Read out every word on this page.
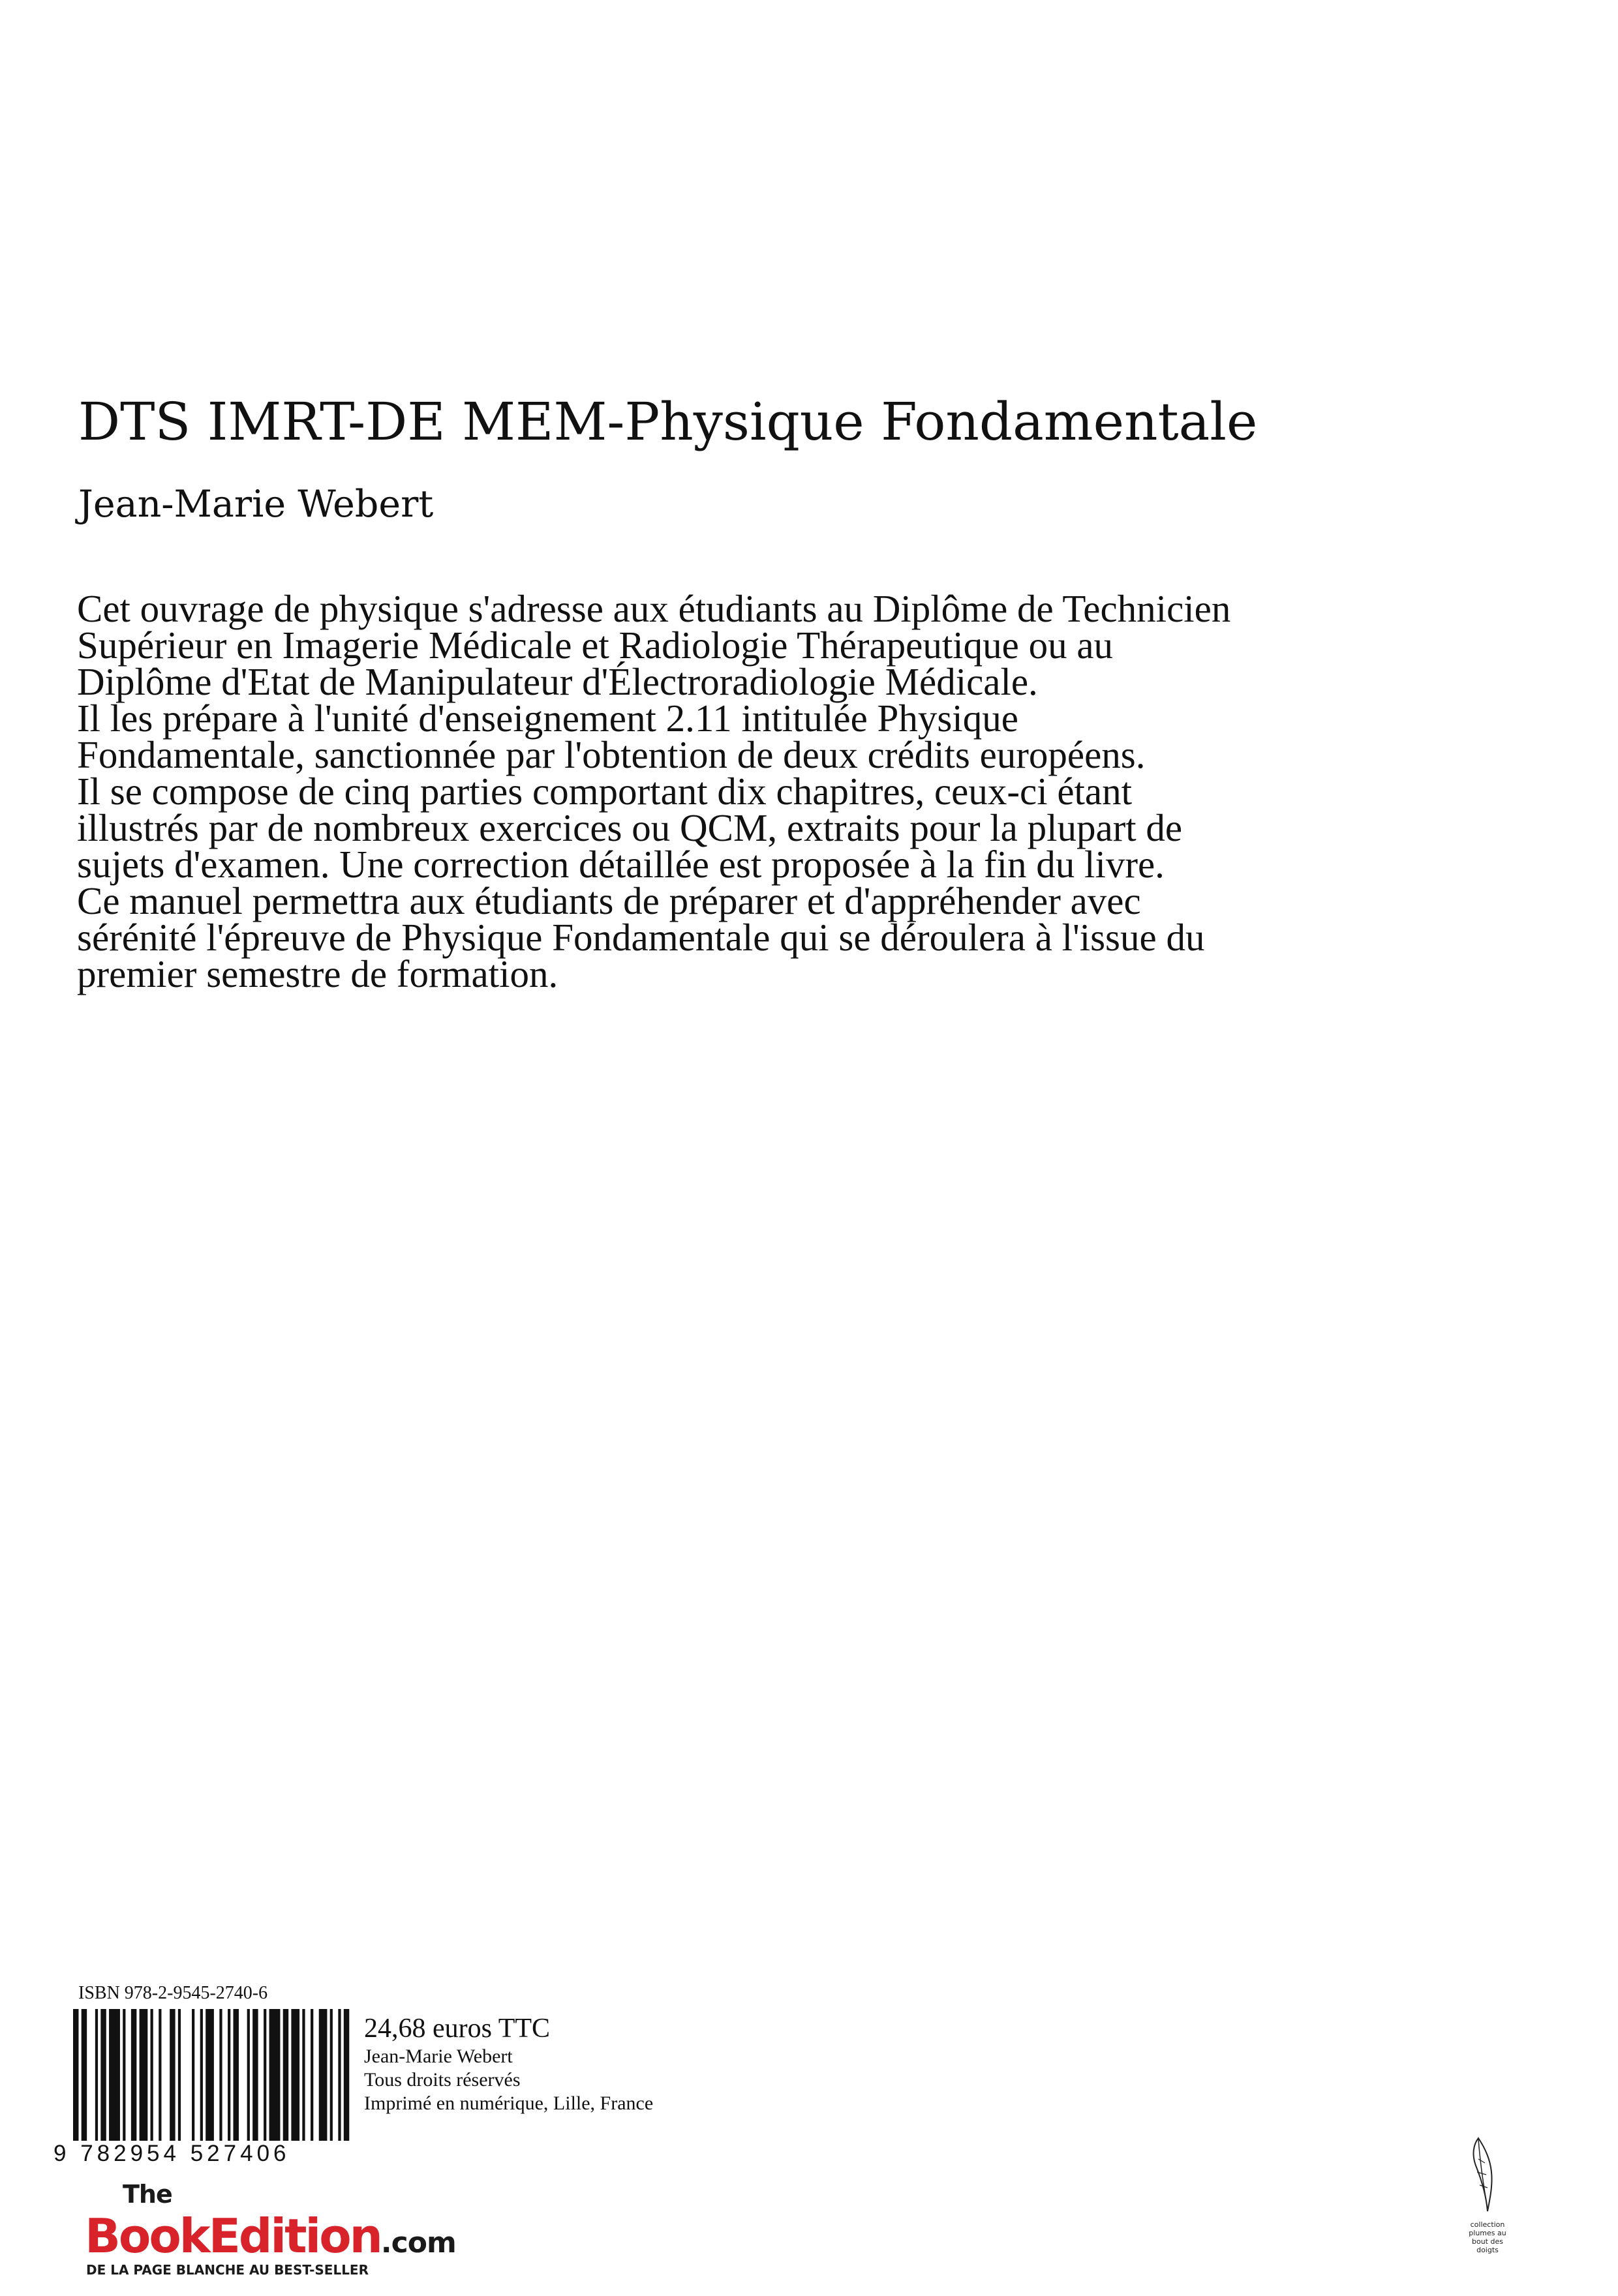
DTS IMRT-DE MEM-Physique Fondamentale

Jean-Marie Webert

Cet ouvrage de physique s'adresse aux étudiants au Diplôme de Technicien Supérieur en Imagerie Médicale et Radiologie Thérapeutique ou au Diplôme d'Etat de Manipulateur d'Électroradiologie Médicale.

Il les prépare à l'unité d'enseignement 2.11 intitulée Physique Fondamentale, sanctionnée par l'obtention de deux crédits européens.

Il se compose de cinq parties comportant dix chapitres, ceux-ci étant illustrés par de nombreux exercices ou QCM, extraits pour la plupart de sujets d'examen. Une correction détaillée est proposée à la fin du livre.

Ce manuel permettra aux étudiants de préparer et d'appréhender avec sérénité l'épreuve de Physique Fondamentale qui se déroulera à l'issue du premier semestre de formation.

ISBN 978-2-9545-2740-6
9 782954 527406
24,68 euros TTC
Jean-Marie Webert
Tous droits réservés
Imprimé en numérique, Lille, France
The
BookEdition.com
DE LA PAGE BLANCHE AU BEST-SELLER
collection
plumes au
bout des
doigts
